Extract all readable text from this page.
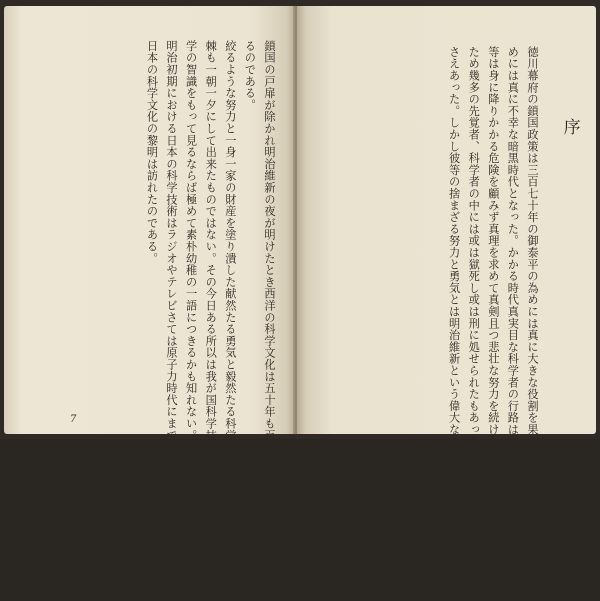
鎖国の戸扉が除かれ明治維新の夜が明けたとき西洋の科学文化は五十年も百年も先に進んでいた。
るのである。
絞るような努力と一身一家の財産を塗り潰した献然たる勇気と毅然たる科学者的信念にその源を発す
棘も一朝一夕にして出来たものではない。その今日ある所以は我が国科学技術の先覚者たちが血涙を
学の智識をもって見るならば極めて素朴幼稚の一語につきるかも知れない。しかし現代の科学技術も
明治初期における日本の科学技術はラジオやテレビさては原子力時代にまで迸入ろうとする現代科
日本の科学文化の黎明は訪れたのである。
7	徳川幕府の鎖国政策は三百七十年の御泰平の為めには真に大きな役割を果したが、科学文化の為
めには真に不幸な暗黒時代となった。かかる時代真実目な科学者の行路は険しい荊棘の道であり、彼
等は身に降りかかる危険を顧みず真理を求めて真剣且つ悲壮な努力を続けたなかった。これが
ため幾多の先覚者、科学者の中には或は獄死し或は刑に処せられたもあったという悲壮な経緯を過ぐる者
さえあった。しかし彼等の捨まざる努力と勇気とは明治維新という偉大なる功業を完成し、そして近代	序
